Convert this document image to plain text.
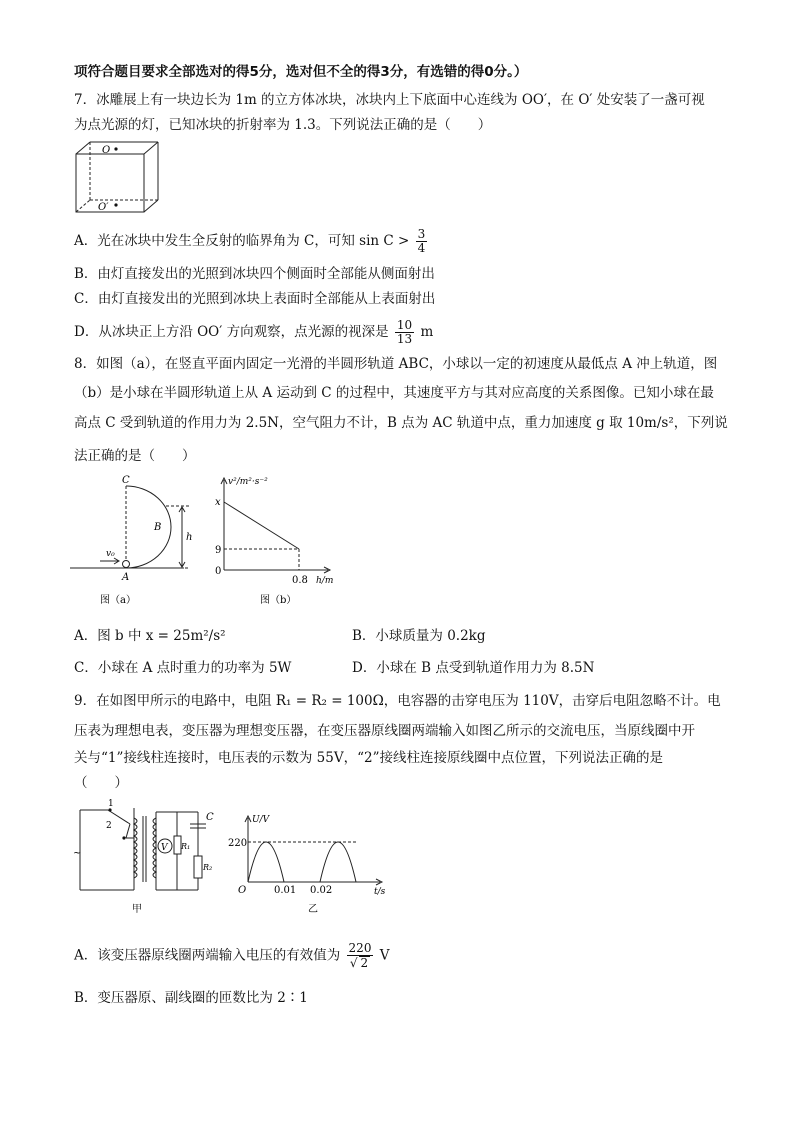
项符合题目要求全部选对的得5分，选对但不全的得3分，有选错的得0分。）
7．冰雕展上有一块边长为 1m 的立方体冰块，冰块内上下底面中心连线为 OO′，在 O′ 处安装了一盏可视
为点光源的灯，已知冰块的折射率为 1.3。下列说法正确的是（　　）
O
O′
A．光在冰块中发生全反射的临界角为 C，可知 $\sin C > \frac{3}{4}$
B．由灯直接发出的光照到冰块四个侧面时全部能从侧面射出
C．由灯直接发出的光照到冰块上表面时全部能从上表面射出
D．从冰块正上方沿 OO′ 方向观察，点光源的视深是 $\frac{10}{13}$ m
8．如图（a），在竖直平面内固定一光滑的半圆形轨道 ABC，小球以一定的初速度从最低点 A 冲上轨道，图
（b）是小球在半圆形轨道上从 A 运动到 C 的过程中，其速度平方与其对应高度的关系图像。已知小球在最
高点 C 受到轨道的作用力为 2.5N，空气阻力不计，B 点为 AC 轨道中点，重力加速度 g 取 10m/s²，下列说
法正确的是（　　）
C
B
A
h
v₀
图（a）
v²/m²·s⁻²
x
9
0
0.8 h/m
图（b）
A．图 b 中 x = 25m²/s²	B．小球质量为 0.2kg
C．小球在 A 点时重力的功率为 5W	D．小球在 B 点受到轨道作用力为 8.5N
9．在如图甲所示的电路中，电阻 R₁ = R₂ = 100Ω，电容器的击穿电压为 110V，击穿后电阻忽略不计。电
压表为理想电表，变压器为理想变压器，在变压器原线圈两端输入如图乙所示的交流电压，当原线圈中开
关与“1”接线柱连接时，电压表的示数为 55V，“2”接线柱连接原线圈中点位置，下列说法正确的是
（　　）
1
2
~	V
C
R₁
R₂
甲
U/V
220
O	0.01 0.02	t/s
乙
A．该变压器原线圈两端输入电压的有效值为 $\frac{220}{√ 2}$ V
B．变压器原、副线圈的匝数比为 2∶1
